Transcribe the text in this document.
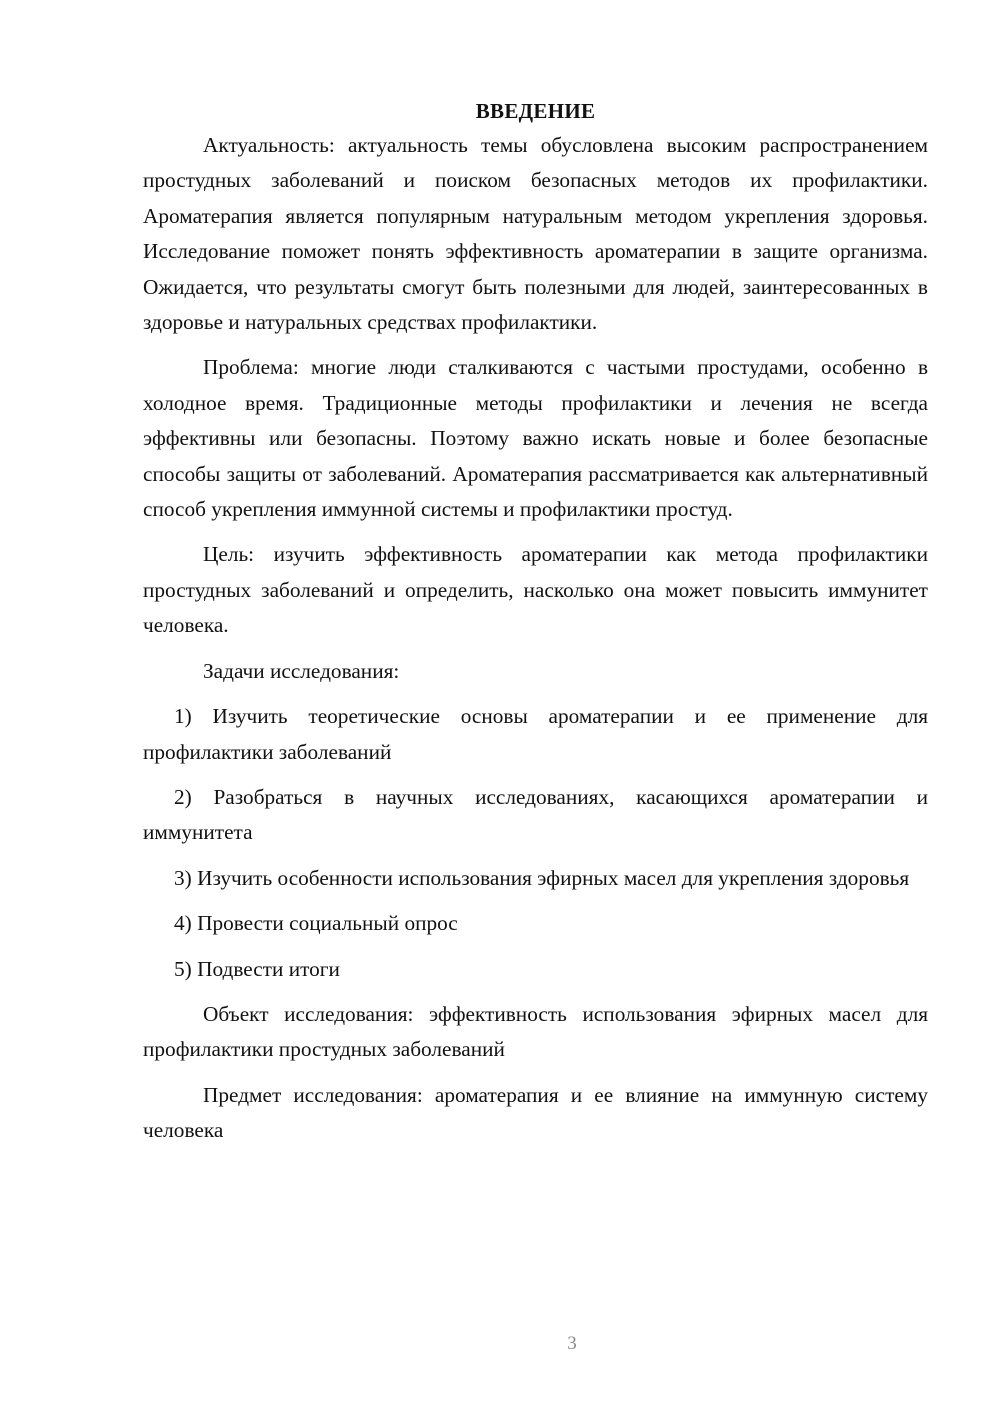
ВВЕДЕНИЕ

Актуальность: актуальность темы обусловлена высоким распространением простудных заболеваний и поиском безопасных методов их профилактики. Ароматерапия является популярным натуральным методом укрепления здоровья. Исследование поможет понять эффективность ароматерапии в защите организма. Ожидается, что результаты смогут быть полезными для людей, заинтересованных в здоровье и натуральных средствах профилактики.

Проблема: многие люди сталкиваются с частыми простудами, особенно в холодное время. Традиционные методы профилактики и лечения не всегда эффективны или безопасны. Поэтому важно искать новые и более безопасные способы защиты от заболеваний. Ароматерапия рассматривается как альтернативный способ укрепления иммунной системы и профилактики простуд.

Цель: изучить эффективность ароматерапии как метода профилактики простудных заболеваний и определить, насколько она может повысить иммунитет человека.

Задачи исследования:

1) Изучить теоретические основы ароматерапии и ее применение для профилактики заболеваний

2) Разобраться в научных исследованиях, касающихся ароматерапии и иммунитета

3) Изучить особенности использования эфирных масел для укрепления здоровья

4) Провести социальный опрос

5) Подвести итоги

Объект исследования: эффективность использования эфирных масел для профилактики простудных заболеваний

Предмет исследования: ароматерапия и ее влияние на иммунную систему человека

3
